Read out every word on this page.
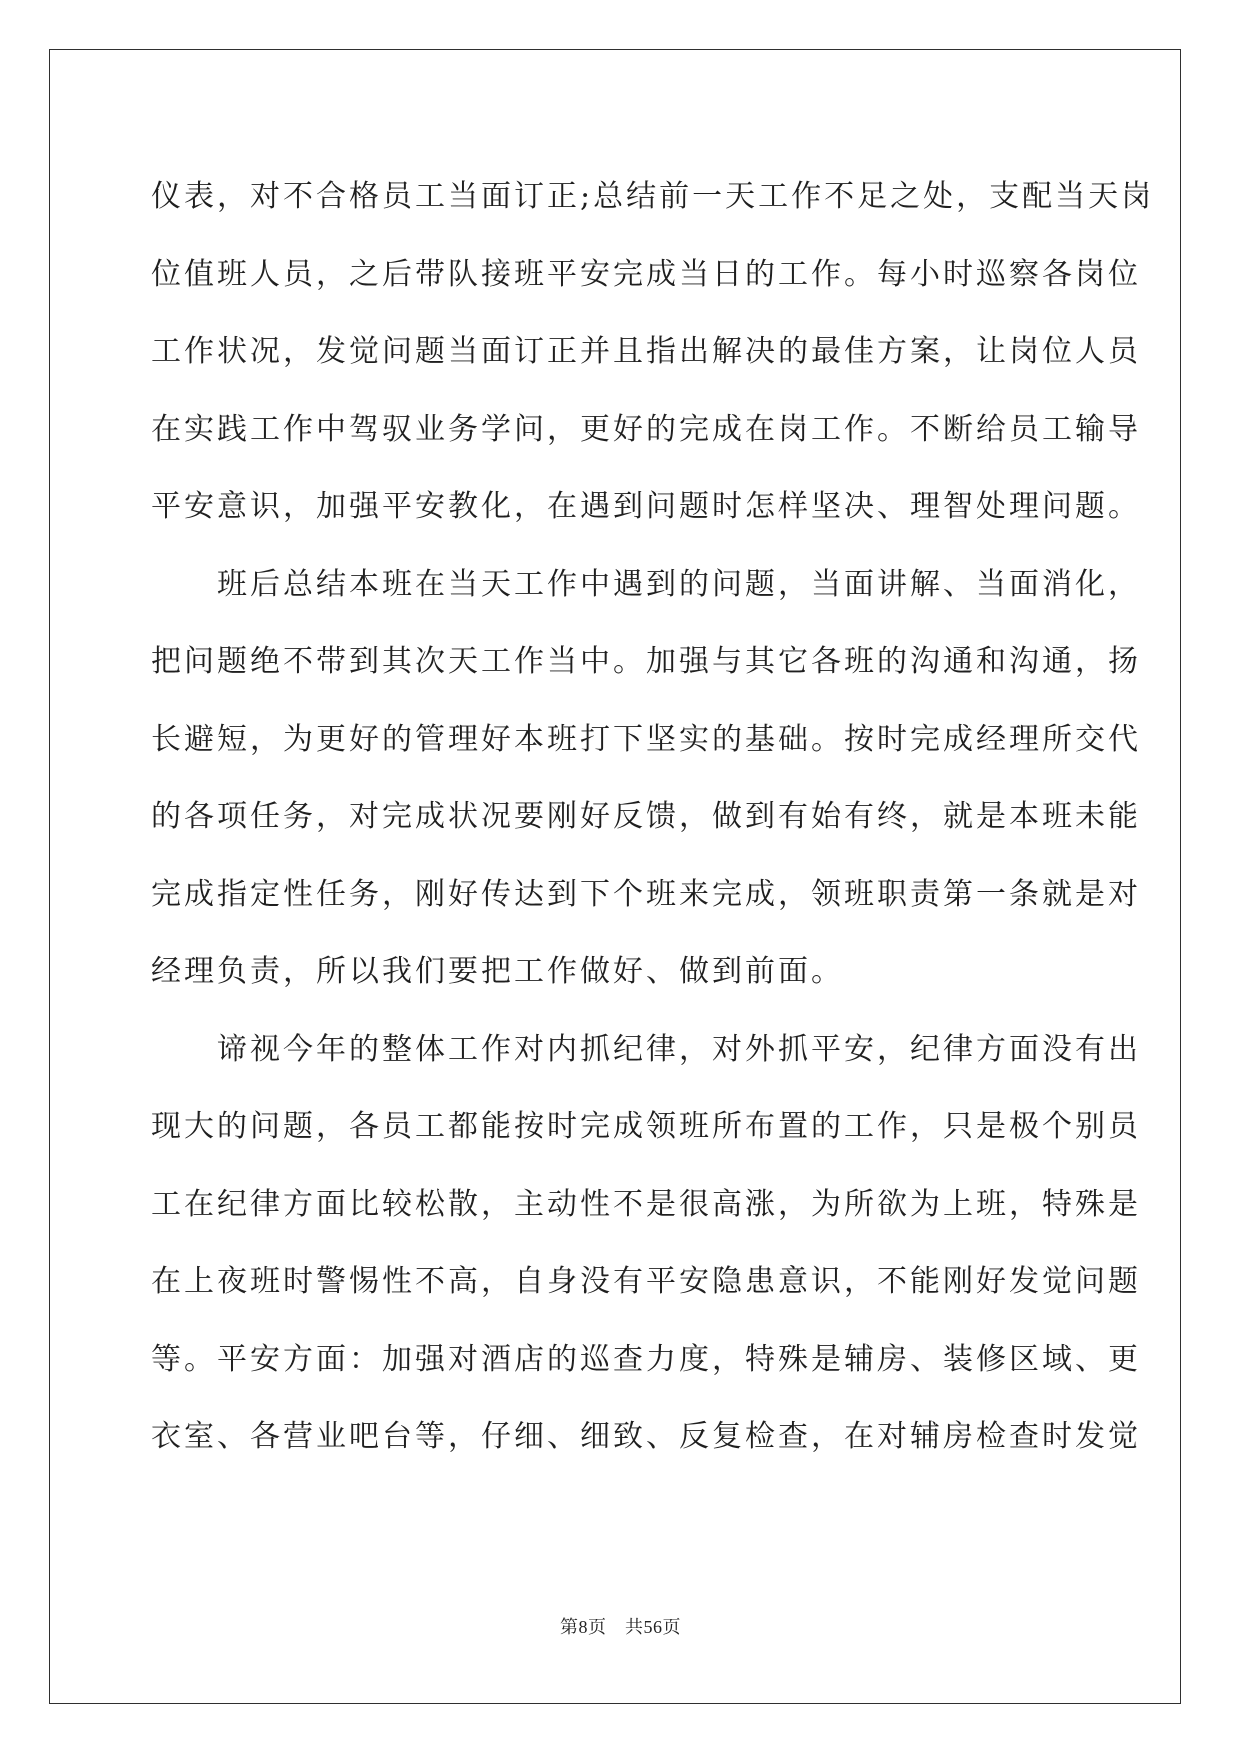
仪表，对不合格员工当面订正;总结前一天工作不足之处，支配当天岗
位值班人员，之后带队接班平安完成当日的工作。每小时巡察各岗位
工作状况，发觉问题当面订正并且指出解决的最佳方案，让岗位人员
在实践工作中驾驭业务学问，更好的完成在岗工作。不断给员工输导
平安意识，加强平安教化，在遇到问题时怎样坚决、理智处理问题。
　　班后总结本班在当天工作中遇到的问题，当面讲解、当面消化，
把问题绝不带到其次天工作当中。加强与其它各班的沟通和沟通，扬
长避短，为更好的管理好本班打下坚实的基础。按时完成经理所交代
的各项任务，对完成状况要刚好反馈，做到有始有终，就是本班未能
完成指定性任务，刚好传达到下个班来完成，领班职责第一条就是对
经理负责，所以我们要把工作做好、做到前面。
　　谛视今年的整体工作对内抓纪律，对外抓平安，纪律方面没有出
现大的问题，各员工都能按时完成领班所布置的工作，只是极个别员
工在纪律方面比较松散，主动性不是很高涨，为所欲为上班，特殊是
在上夜班时警惕性不高，自身没有平安隐患意识，不能刚好发觉问题
等。平安方面：加强对酒店的巡查力度，特殊是辅房、装修区域、更
衣室、各营业吧台等，仔细、细致、反复检查，在对辅房检查时发觉
第8页　共56页
